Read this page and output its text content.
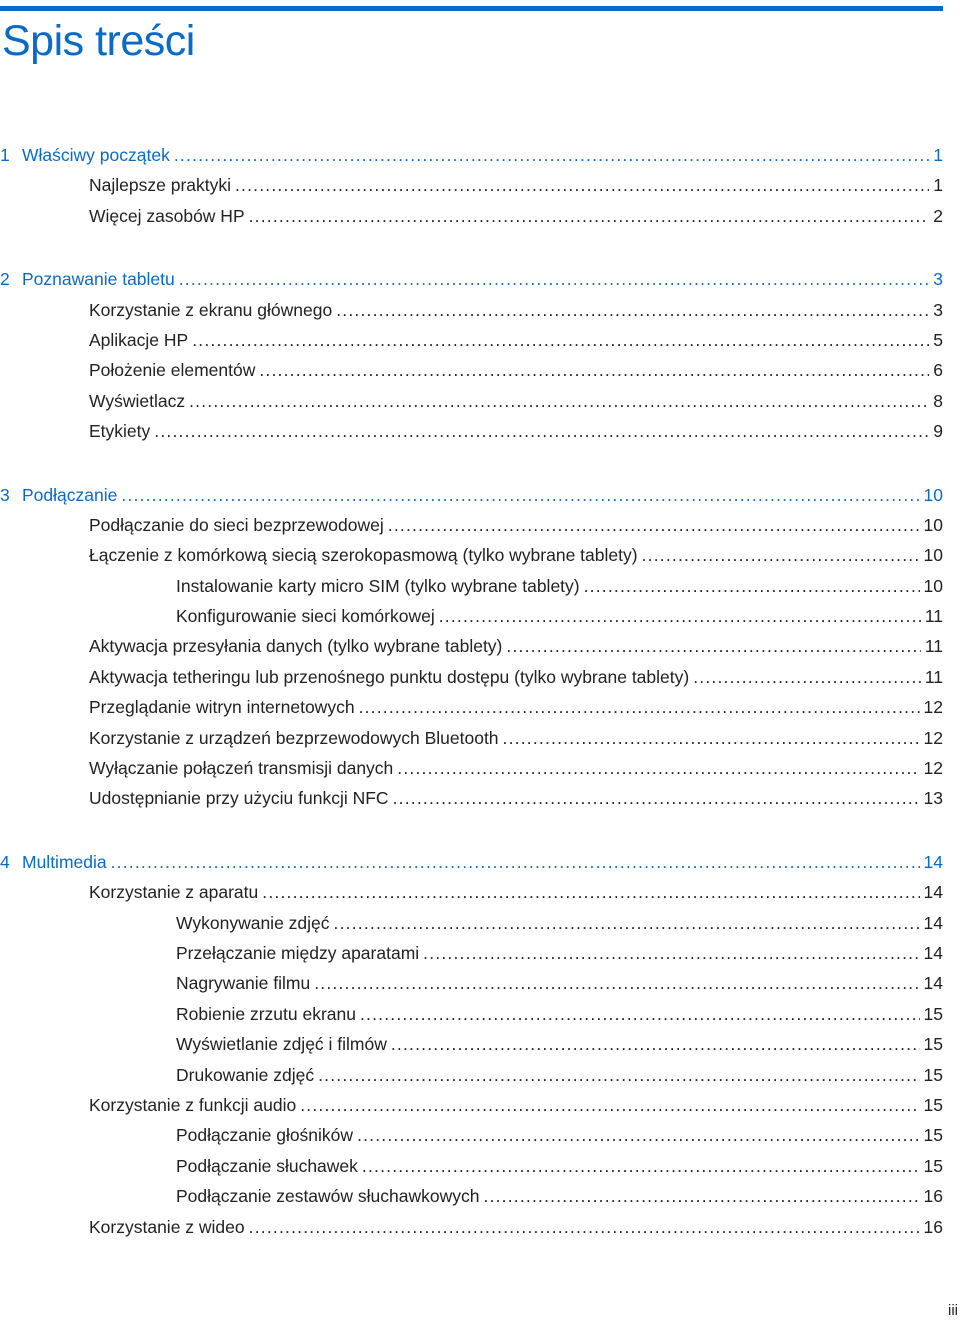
Spis treści
1 Właściwy początek .....	1
Najlepsze praktyki .....	1
Więcej zasobów HP .....	2
2 Poznawanie tabletu .....	3
Korzystanie z ekranu głównego .....	3
Aplikacje HP .....	5
Położenie elementów .....	6
Wyświetlacz .....	8
Etykiety .....	9
3 Podłączanie .....	10
Podłączanie do sieci bezprzewodowej .....	10
Łączenie z komórkową siecią szerokopasmową (tylko wybrane tablety) .....	10
Instalowanie karty micro SIM (tylko wybrane tablety) .....	10
Konfigurowanie sieci komórkowej .....	11
Aktywacja przesyłania danych (tylko wybrane tablety) .....	11
Aktywacja tetheringu lub przenośnego punktu dostępu (tylko wybrane tablety) .....	11
Przeglądanie witryn internetowych .....	12
Korzystanie z urządzeń bezprzewodowych Bluetooth .....	12
Wyłączanie połączeń transmisji danych .....	12
Udostępnianie przy użyciu funkcji NFC .....	13
4 Multimedia .....	14
Korzystanie z aparatu .....	14
Wykonywanie zdjęć .....	14
Przełączanie między aparatami .....	14
Nagrywanie filmu .....	14
Robienie zrzutu ekranu .....	15
Wyświetlanie zdjęć i filmów .....	15
Drukowanie zdjęć .....	15
Korzystanie z funkcji audio .....	15
Podłączanie głośników .....	15
Podłączanie słuchawek .....	15
Podłączanie zestawów słuchawkowych .....	16
Korzystanie z wideo .....	16
iii
